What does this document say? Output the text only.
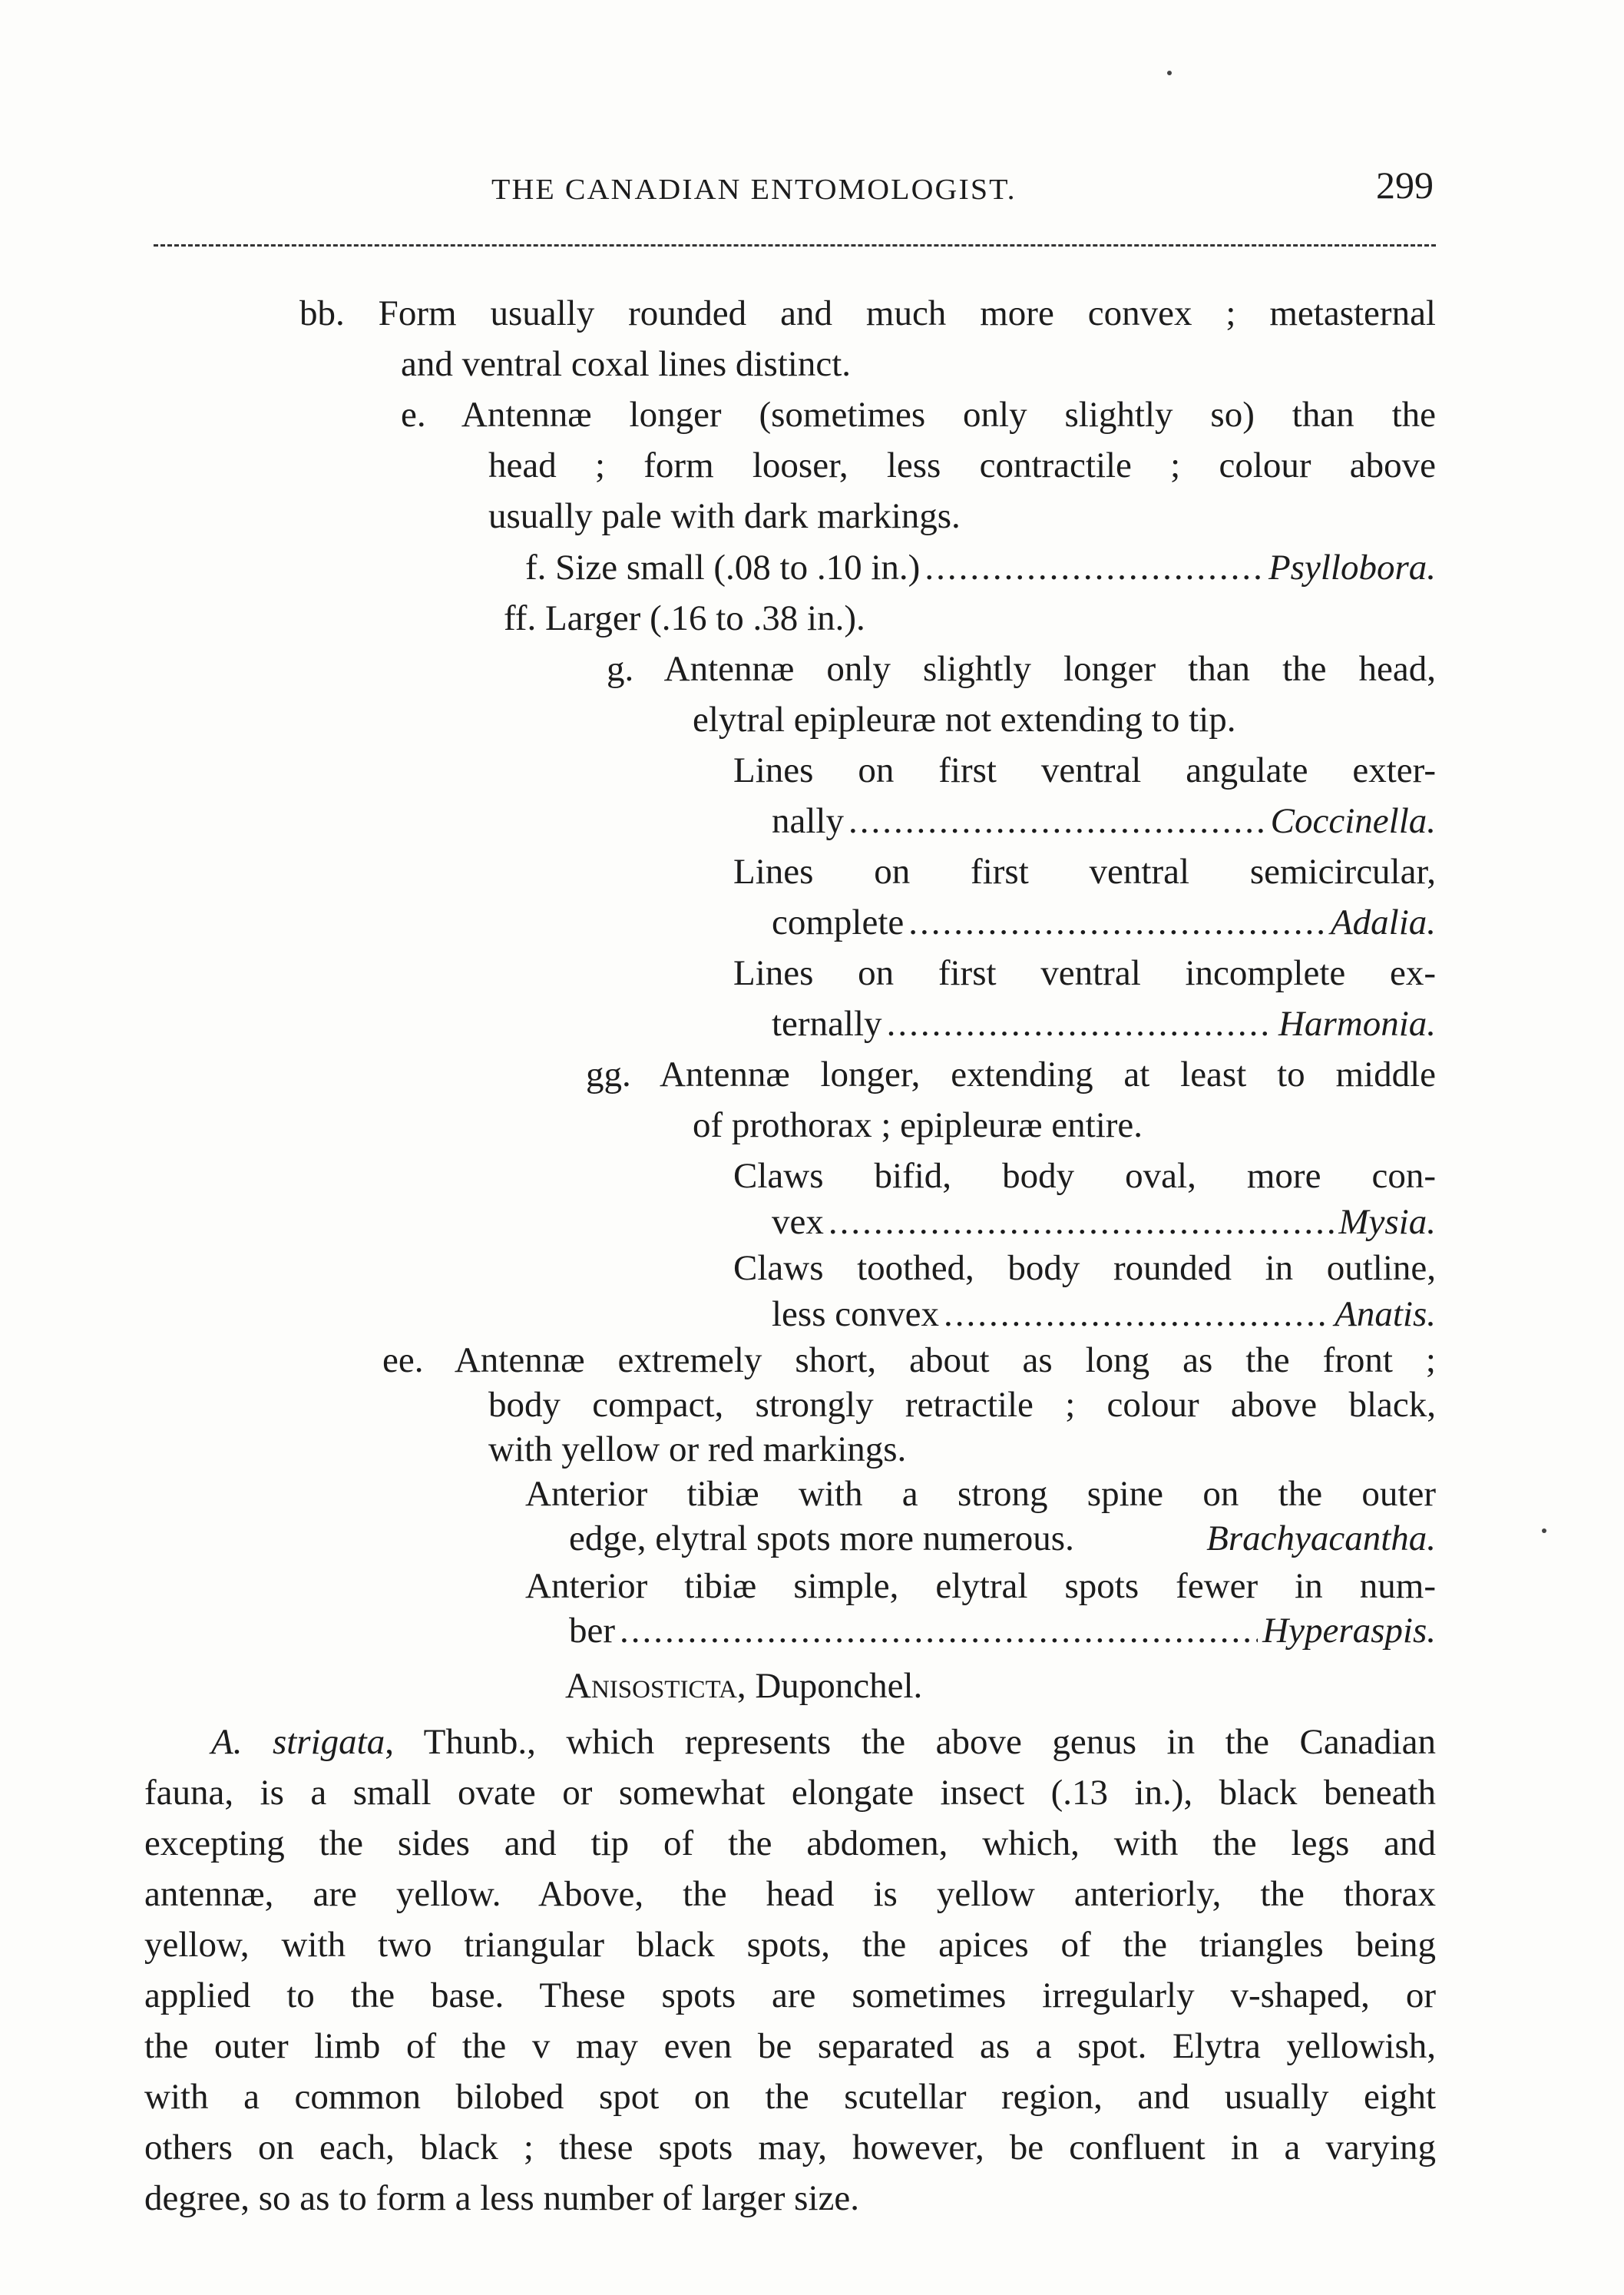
THE CANADIAN ENTOMOLOGIST.	299
bb. Form usually rounded and much more convex ; metasternal
and ventral coxal lines distinct.
e. Antennæ longer (sometimes only slightly so) than the
head ; form looser, less contractile ; colour above
usually pale with dark markings.
f. Size small (.08 to .10 in.) .....	Psyllobora.
ff. Larger (.16 to .38 in.).
g. Antennæ only slightly longer than the head,
elytral epipleuræ not extending to tip.
Lines on first ventral angulate exter-
nally .....	Coccinella.
Lines on first ventral semicircular,
complete .....	Adalia.
Lines on first ventral incomplete ex-
ternally .....	Harmonia.
gg. Antennæ longer, extending at least to middle
of prothorax ; epipleuræ entire.
Claws bifid, body oval, more con-
vex .....	Mysia.
Claws toothed, body rounded in outline,
less convex .....	Anatis.
ee. Antennæ extremely short, about as long as the front ;
body compact, strongly retractile ; colour above black,
with yellow or red markings.
Anterior tibiæ with a strong spine on the outer
edge, elytral spots more numerous.	Brachyacantha.
Anterior tibiæ simple, elytral spots fewer in num-
ber .....	Hyperaspis.
Anisosticta, Duponchel.
A. strigata, Thunb., which represents the above genus in the Canadian
fauna, is a small ovate or somewhat elongate insect (.13 in.), black beneath
excepting the sides and tip of the abdomen, which, with the legs and
antennæ, are yellow. Above, the head is yellow anteriorly, the thorax
yellow, with two triangular black spots, the apices of the triangles being
applied to the base. These spots are sometimes irregularly v-shaped, or
the outer limb of the v may even be separated as a spot. Elytra yellowish,
with a common bilobed spot on the scutellar region, and usually eight
others on each, black ; these spots may, however, be confluent in a varying
degree, so as to form a less number of larger size.
